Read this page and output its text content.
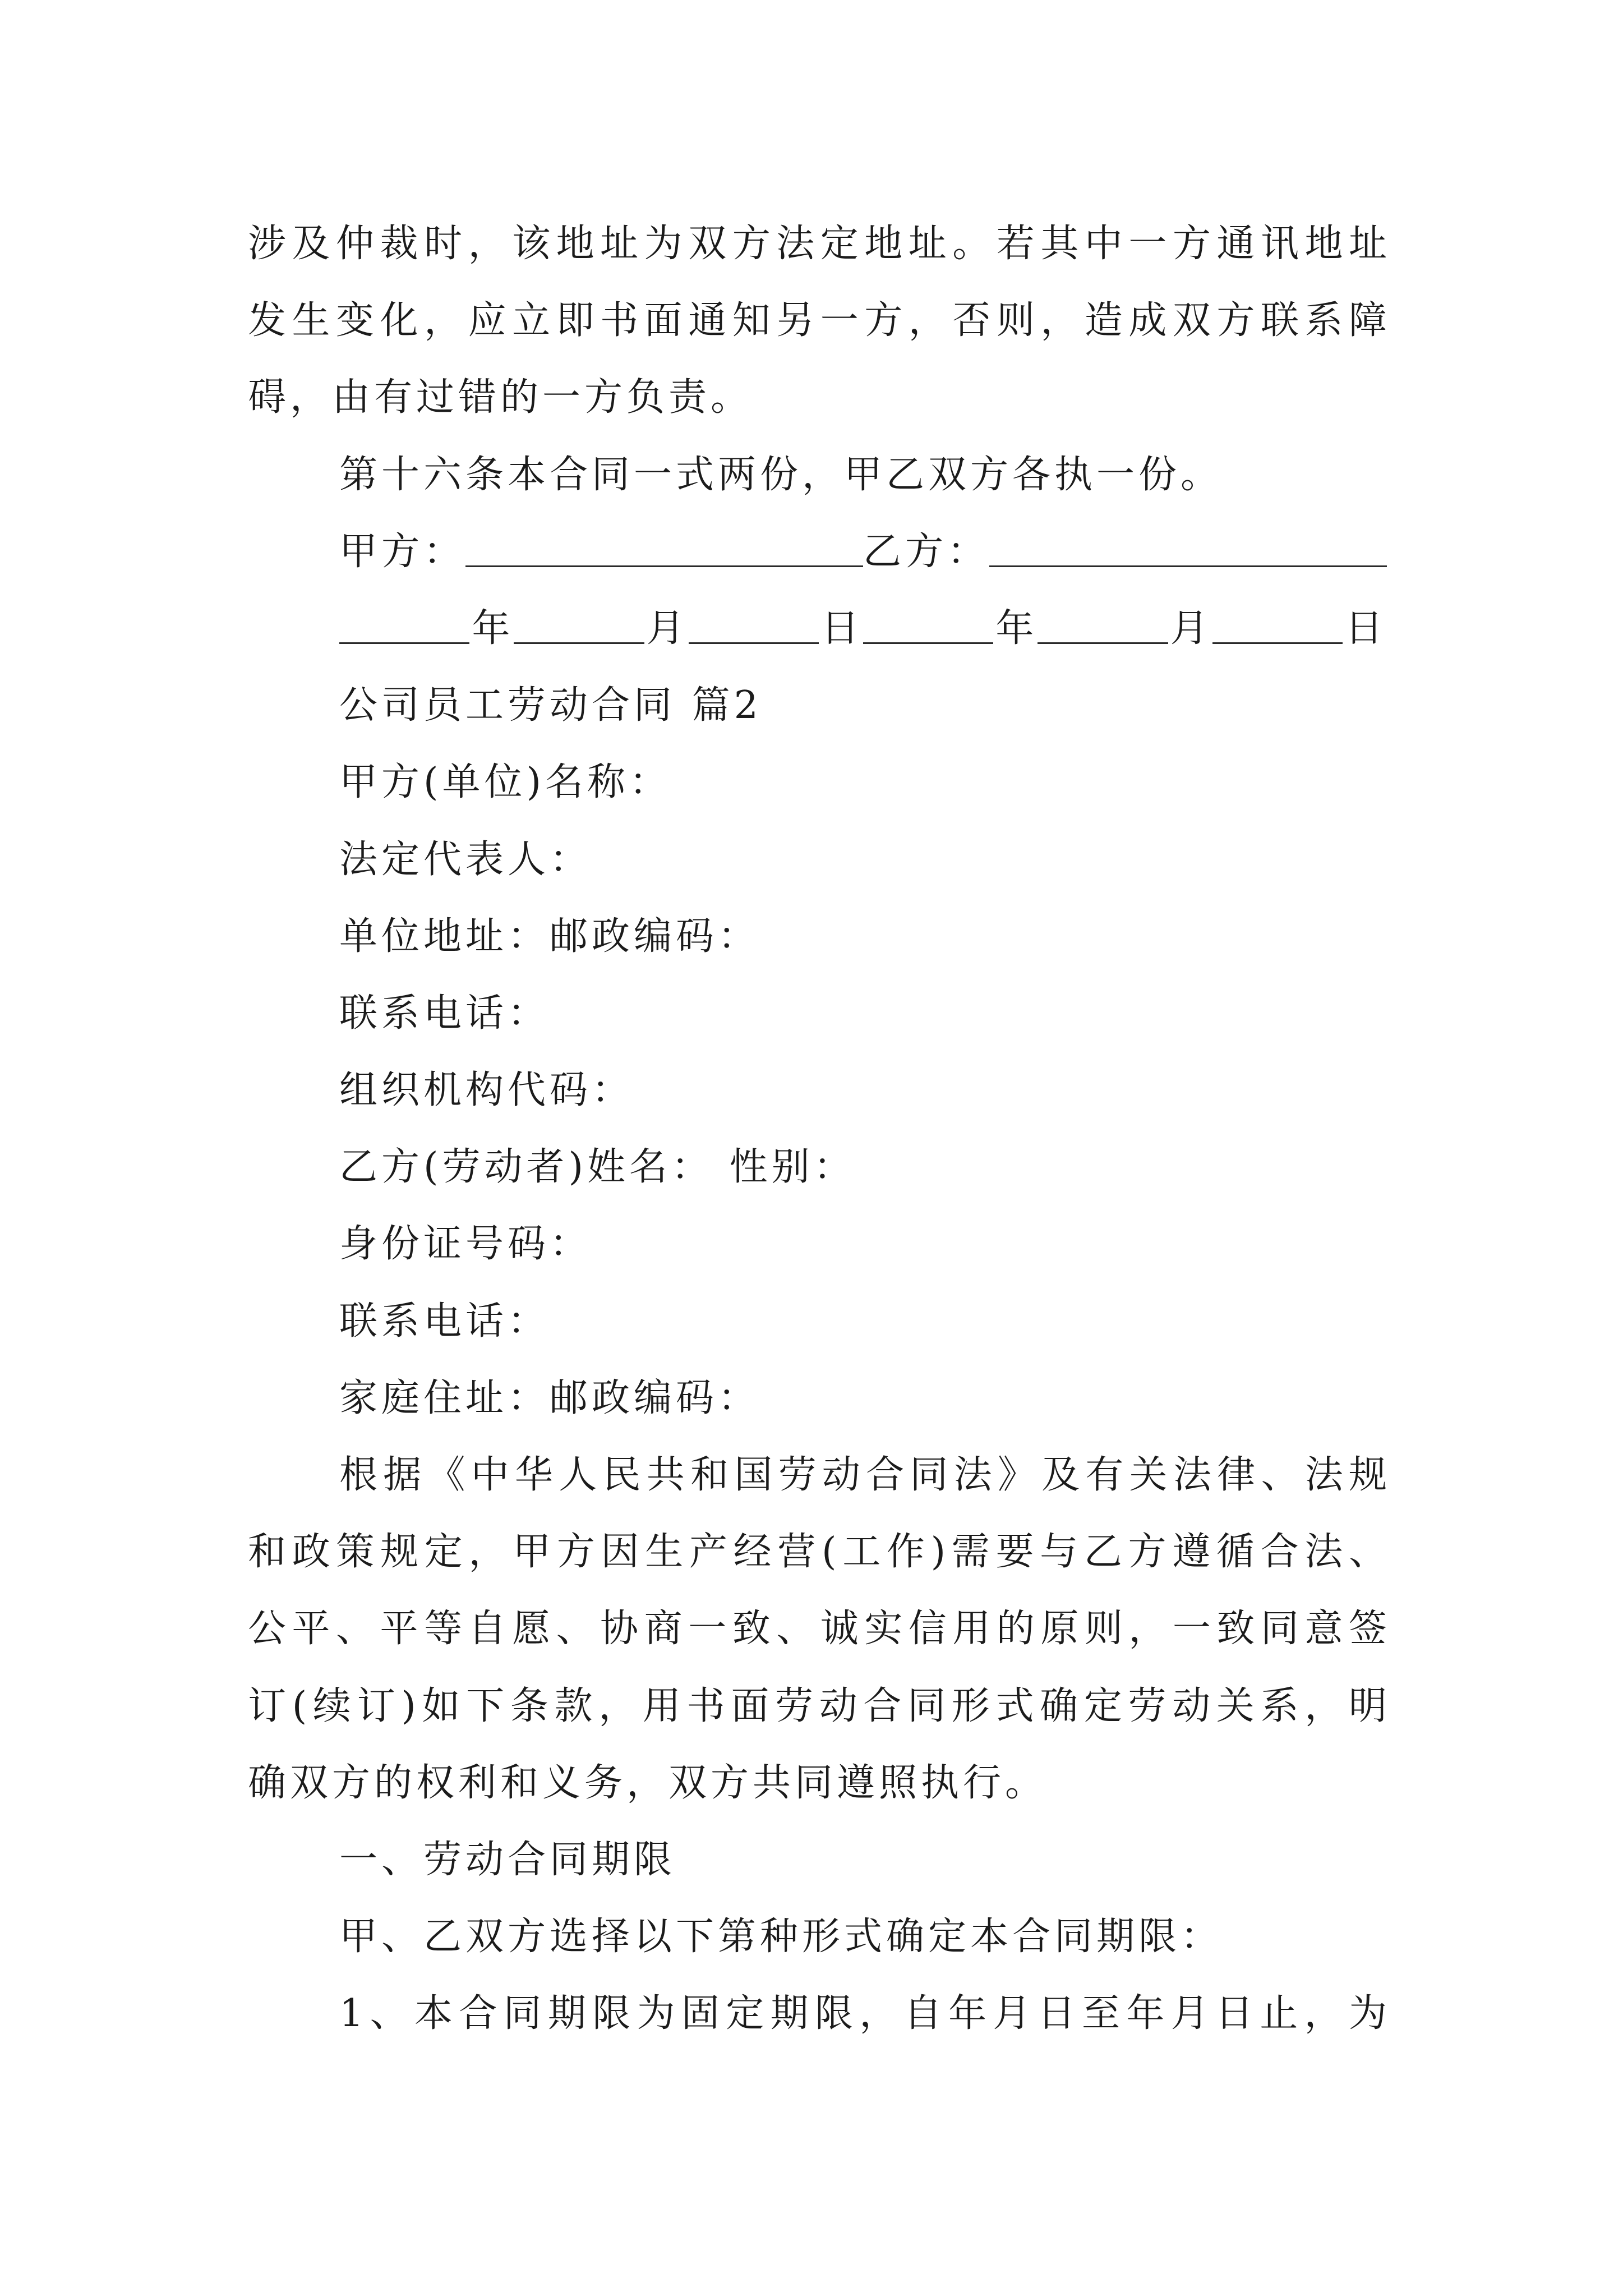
涉及仲裁时，该地址为双方法定地址。若其中一方通讯地址
发生变化，应立即书面通知另一方，否则，造成双方联系障
碍，由有过错的一方负责。
第十六条本合同一式两份，甲乙双方各执一份。
甲方：	乙方：
年	月	日	年	月	日
公司员工劳动合同 篇2
甲方(单位)名称：
法定代表人：
单位地址：邮政编码：
联系电话：
组织机构代码：
乙方(劳动者)姓名： 性别：
身份证号码：
联系电话：
家庭住址：邮政编码：
根据《中华人民共和国劳动合同法》及有关法律、法规
和政策规定，甲方因生产经营(工作)需要与乙方遵循合法、
公平、平等自愿、协商一致、诚实信用的原则，一致同意签
订(续订)如下条款，用书面劳动合同形式确定劳动关系，明
确双方的权利和义务，双方共同遵照执行。
一、劳动合同期限
甲、乙双方选择以下第种形式确定本合同期限：
1、本合同期限为固定期限，自年月日至年月日止，为
